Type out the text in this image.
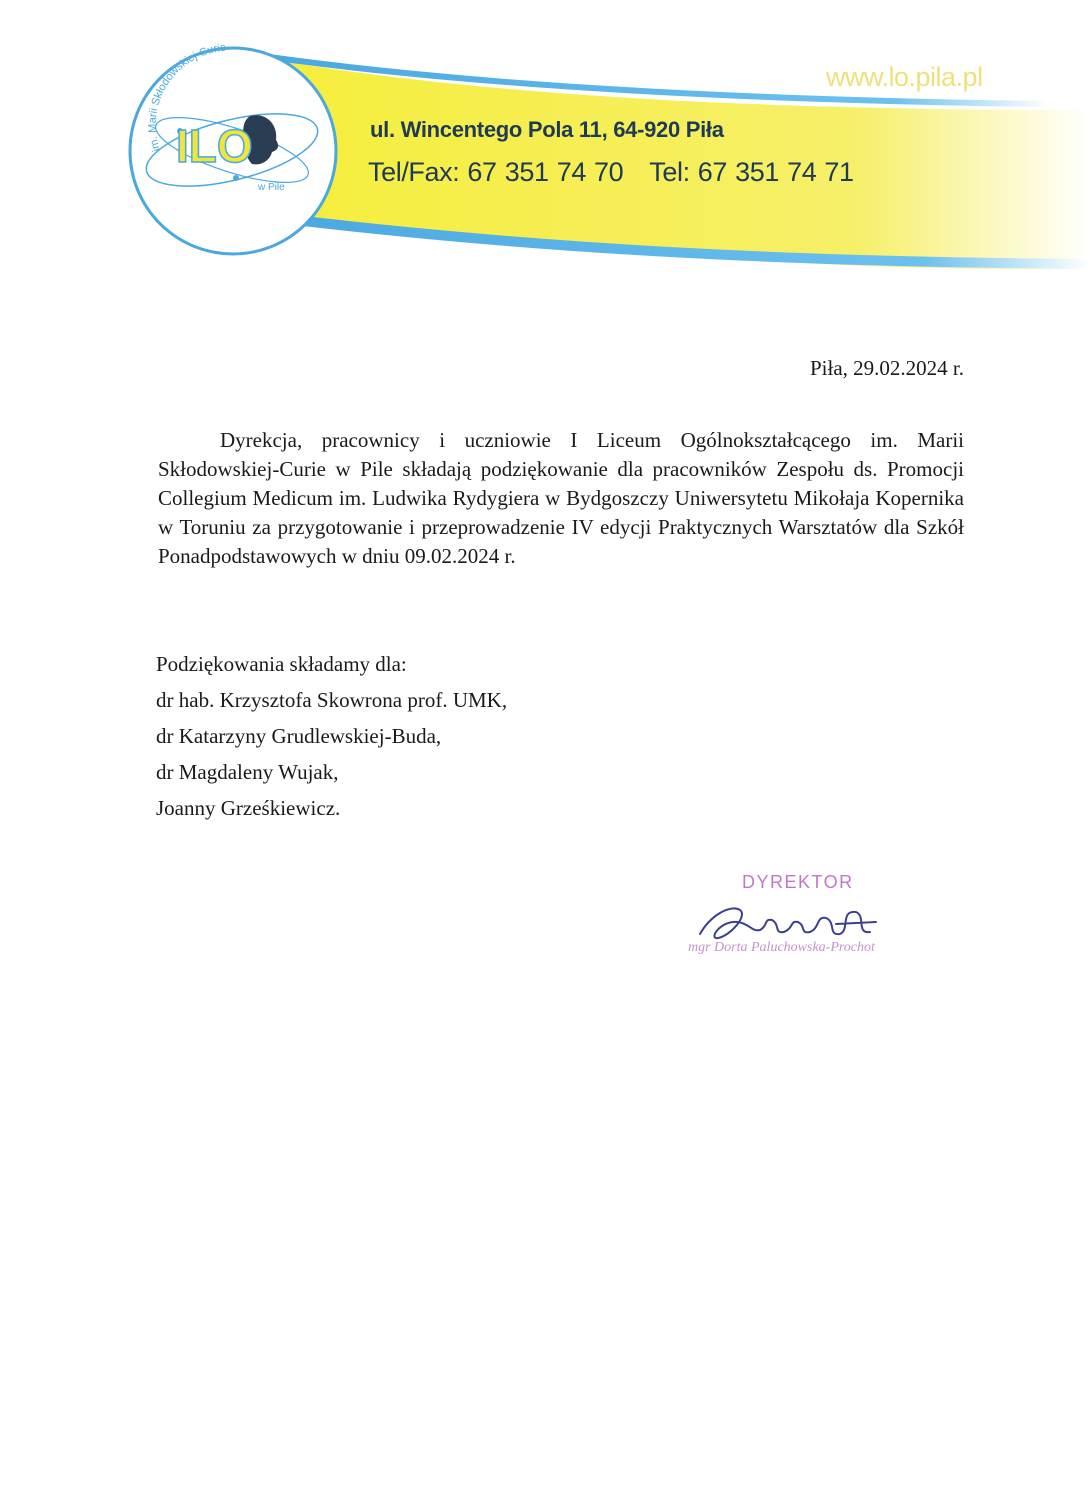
ILO
im. Marii Skłodowskiej-Curie
w Pile
www.lo.pila.pl
ul. Wincentego Pola 11, 64-920 Piła
Tel/Fax: 67 351 74 70 Tel: 67 351 74 71
Piła, 29.02.2024 r.

Dyrekcja, pracownicy i uczniowie I Liceum Ogólnokształcącego im. Marii Skłodowskiej-Curie w Pile składają podziękowanie dla pracowników Zespołu ds. Promocji Collegium Medicum im. Ludwika Rydygiera w Bydgoszczy Uniwersytetu Mikołaja Kopernika w Toruniu za przygotowanie i przeprowadzenie IV edycji Praktycznych Warsztatów dla Szkół Ponadpodstawowych w dniu 09.02.2024 r.

Podziękowania składamy dla:
dr hab. Krzysztofa Skowrona prof. UMK,
dr Katarzyny Grudlewskiej-Buda,
dr Magdaleny Wujak,
Joanny Grześkiewicz.
DYREKTOR
mgr Dorta Paluchowska-Prochot
